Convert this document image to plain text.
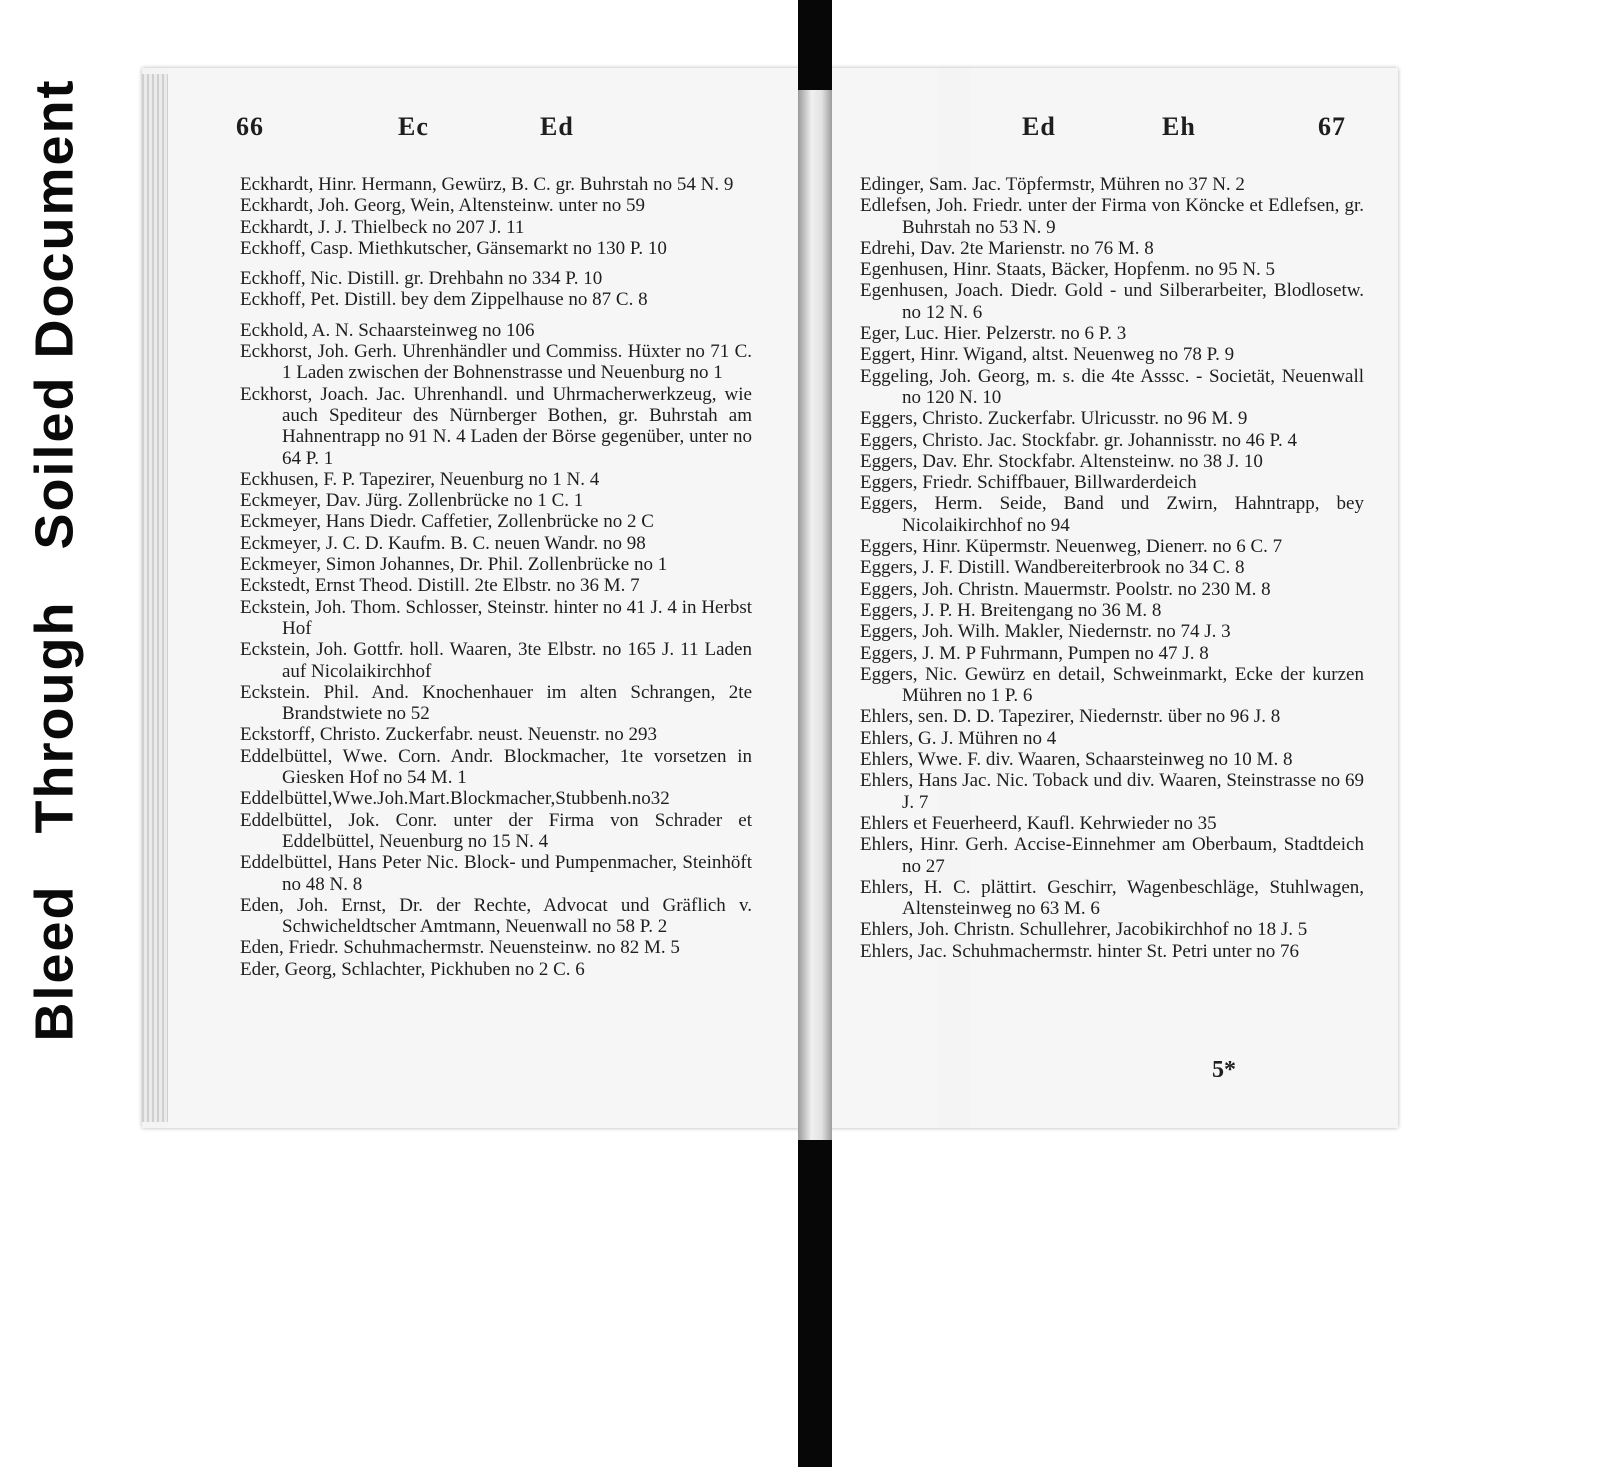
Bleed   Through   Soiled Document	66	Ec	Ed	Ed	Eh	67

Eckhardt, Hinr. Hermann, Gewürz, B. C. gr. Buhrstah no 54 N. 9

Eckhardt, Joh. Georg, Wein, Altensteinw. unter no 59

Eckhardt, J. J. Thielbeck no 207 J. 11

Eckhoff, Casp. Miethkutscher, Gänsemarkt no 130 P. 10

Eckhoff, Nic. Distill. gr. Drehbahn no 334 P. 10

Eckhoff, Pet. Distill. bey dem Zippelhause no 87 C. 8

Eckhold, A. N. Schaarsteinweg no 106

Eckhorst, Joh. Gerh. Uhrenhändler und Commiss. Hüxter no 71 C. 1 Laden zwischen der Bohnenstrasse und Neuenburg no 1

Eckhorst, Joach. Jac. Uhrenhandl. und Uhrmacherwerkzeug, wie auch Spediteur des Nürnberger Bothen, gr. Buhrstah am Hahnentrapp no 91 N. 4 Laden der Börse gegenüber, unter no 64 P. 1

Eckhusen, F. P. Tapezirer, Neuenburg no 1 N. 4

Eckmeyer, Dav. Jürg. Zollenbrücke no 1 C. 1

Eckmeyer, Hans Diedr. Caffetier, Zollenbrücke no 2 C

Eckmeyer, J. C. D. Kaufm. B. C. neuen Wandr. no 98

Eckmeyer, Simon Johannes, Dr. Phil. Zollenbrücke no 1

Eckstedt, Ernst Theod. Distill. 2te Elbstr. no 36 M. 7

Eckstein, Joh. Thom. Schlosser, Steinstr. hinter no 41 J. 4 in Herbst Hof

Eckstein, Joh. Gottfr. holl. Waaren, 3te Elbstr. no 165 J. 11 Laden auf Nicolaikirchhof

Eckstein. Phil. And. Knochenhauer im alten Schrangen, 2te Brandstwiete no 52

Eckstorff, Christo. Zuckerfabr. neust. Neuenstr. no 293

Eddelbüttel, Wwe. Corn. Andr. Blockmacher, 1te vorsetzen in Giesken Hof no 54 M. 1

Eddelbüttel,Wwe.Joh.Mart.Blockmacher,Stubbenh.no32

Eddelbüttel, Jok. Conr. unter der Firma von Schrader et Eddelbüttel, Neuenburg no 15 N. 4

Eddelbüttel, Hans Peter Nic. Block- und Pumpenmacher, Steinhöft no 48 N. 8

Eden, Joh. Ernst, Dr. der Rechte, Advocat und Gräflich v. Schwicheldtscher Amtmann, Neuenwall no 58 P. 2

Eden, Friedr. Schuhmachermstr. Neuensteinw. no 82 M. 5

Eder, Georg, Schlachter, Pickhuben no 2 C. 6

Edinger, Sam. Jac. Töpfermstr, Mühren no 37 N. 2

Edlefsen, Joh. Friedr. unter der Firma von Köncke et Edlefsen, gr. Buhrstah no 53 N. 9

Edrehi, Dav. 2te Marienstr. no 76 M. 8

Egenhusen, Hinr. Staats, Bäcker, Hopfenm. no 95 N. 5

Egenhusen, Joach. Diedr. Gold - und Silberarbeiter, Blodlosetw. no 12 N. 6

Eger, Luc. Hier. Pelzerstr. no 6 P. 3

Eggert, Hinr. Wigand, altst. Neuenweg no 78 P. 9

Eggeling, Joh. Georg, m. s. die 4te Asssc. - Societät, Neuenwall no 120 N. 10

Eggers, Christo. Zuckerfabr. Ulricusstr. no 96 M. 9

Eggers, Christo. Jac. Stockfabr. gr. Johannisstr. no 46 P. 4

Eggers, Dav. Ehr. Stockfabr. Altensteinw. no 38 J. 10

Eggers, Friedr. Schiffbauer, Billwarderdeich

Eggers, Herm. Seide, Band und Zwirn, Hahntrapp, bey Nicolaikirchhof no 94

Eggers, Hinr. Küpermstr. Neuenweg, Dienerr. no 6 C. 7

Eggers, J. F. Distill. Wandbereiterbrook no 34 C. 8

Eggers, Joh. Christn. Mauermstr. Poolstr. no 230 M. 8

Eggers, J. P. H. Breitengang no 36 M. 8

Eggers, Joh. Wilh. Makler, Niedernstr. no 74 J. 3

Eggers, J. M. P Fuhrmann, Pumpen no 47 J. 8

Eggers, Nic. Gewürz en detail, Schweinmarkt, Ecke der kurzen Mühren no 1 P. 6

Ehlers, sen. D. D. Tapezirer, Niedernstr. über no 96 J. 8

Ehlers, G. J. Mühren no 4

Ehlers, Wwe. F. div. Waaren, Schaarsteinweg no 10 M. 8

Ehlers, Hans Jac. Nic. Toback und div. Waaren, Steinstrasse no 69 J. 7

Ehlers et Feuerheerd, Kaufl. Kehrwieder no 35

Ehlers, Hinr. Gerh. Accise-Einnehmer am Oberbaum, Stadtdeich no 27

Ehlers, H. C. plättirt. Geschirr, Wagenbeschläge, Stuhlwagen, Altensteinweg no 63 M. 6

Ehlers, Joh. Christn. Schullehrer, Jacobikirchhof no 18 J. 5

Ehlers, Jac. Schuhmachermstr. hinter St. Petri unter no 76

5*
